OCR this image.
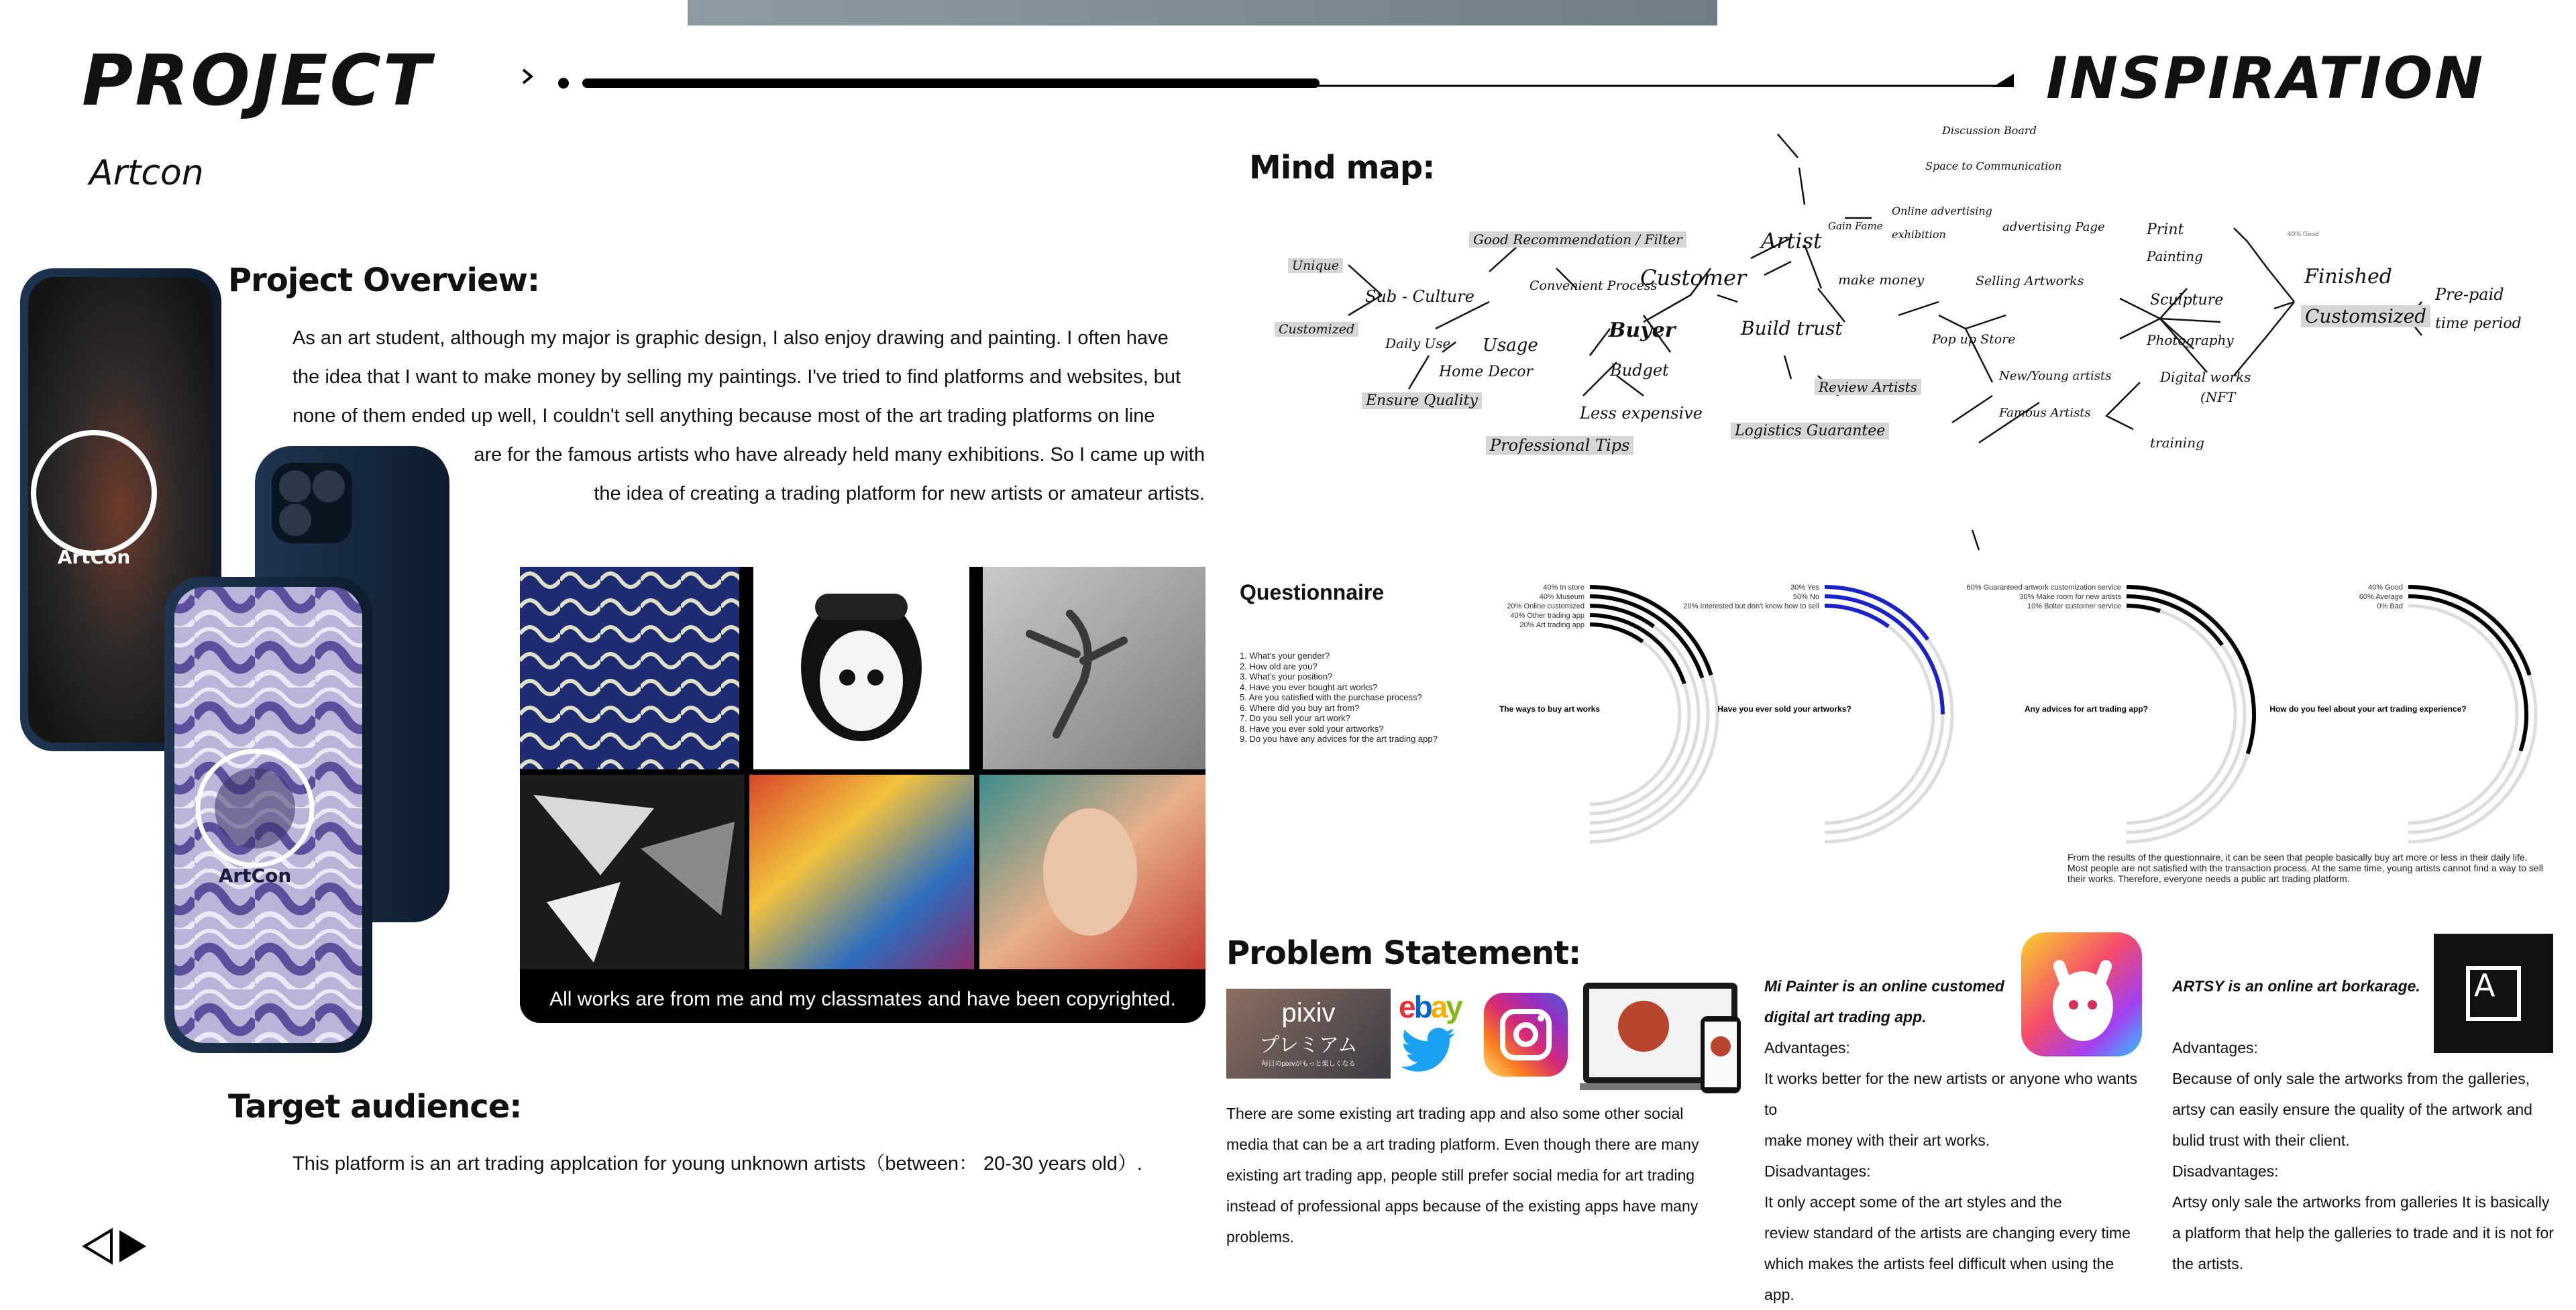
PROJECT	INSPIRATION
Artcon
Project Overview:
As an art student, although my major is graphic design, I also enjoy drawing and painting. I often have
the idea that I want to make money by selling my paintings. I've tried to find platforms and websites, but
none of them ended up well, I couldn't sell anything because most of the art trading platforms on line
are for the famous artists who have already held many exhibitions. So I came up with
the idea of creating a trading platform for new artists or amateur artists.
ArtCon
ArtCon
All works are from me and my classmates and have been copyrighted.
Target audience:
This platform is an art trading applcation for young unknown artists（between： 20-30 years old）.
Mind map:
Discussion Board
Space to Communication
Online advertising
advertising Page
Gain Fame
exhibition
Artist
Customer
Good Recommendation / Filter
Unique
Sub - Culture
Customized
Convenient Process
Buyer	Build trust
make money	Selling Artworks
Print
Painting
Sculpture
Photography
Digital works
(NFT
Finished
Customsized
Pre-paid
time period
Daily Use Usage
Home Decor
Ensure Quality
Budget
Less expensive
Professional Tips
Pop up Store
Review Artists
New/Young artists
Famous Artists
Logistics Guarantee
training
40% Good
Questionnaire
1. What's your gender?
2. How old are you?
3. What's your position?
4. Have you ever bought art works?
5. Are you satisfied with the purchase process?
6. Where did you buy art from?
7. Do you sell your art work?
8. Have you ever sold your artworks?
9. Do you have any advices for the art trading app?
40% In store
40% Museum
20% Online customized
40% Other trading app
20% Art trading app
The ways to buy art works
30% Yes
50% No
20% Interested but don't know how to sell
Have you ever sold your artworks?
60% Guaranteed artwork customization service
30% Make room for new artists
10% Bolter customer service
Any advices for art trading app?
40% Good
60% Average
0% Bad
How do you feel about your art trading experience?
From the results of the questionnaire, it can be seen that people basically buy art more or less in their daily life. Most people are not satisfied with the transaction process. At the same time, young artists cannot find a way to sell their works. Therefore, everyone needs a public art trading platform.
Problem Statement:
pixiv
プレミアム
毎日のpixivがもっと楽しくなる
ebay
There are some existing art trading app and also some other social
media that can be a art trading platform. Even though there are many
existing art trading app, people still prefer social media for art trading
instead of professional apps because of the existing apps have many
problems.
Mi Painter is an online customed
digital art trading app.
Advantages:
It works better for the new artists or anyone who wants to
make money with their art works.
Disadvantages:
It only accept some of the art styles and the
review standard of the artists are changing every time
which makes the artists feel difficult when using the app.
A
ARTSY is an online art borkarage.
Advantages:
Because of only sale the artworks from the galleries,
artsy can easily ensure the quality of the artwork and
bulid trust with their client.
Disadvantages:
Artsy only sale the artworks from galleries It is basically
a platform that help the galleries to trade and it is not for
the artists.
